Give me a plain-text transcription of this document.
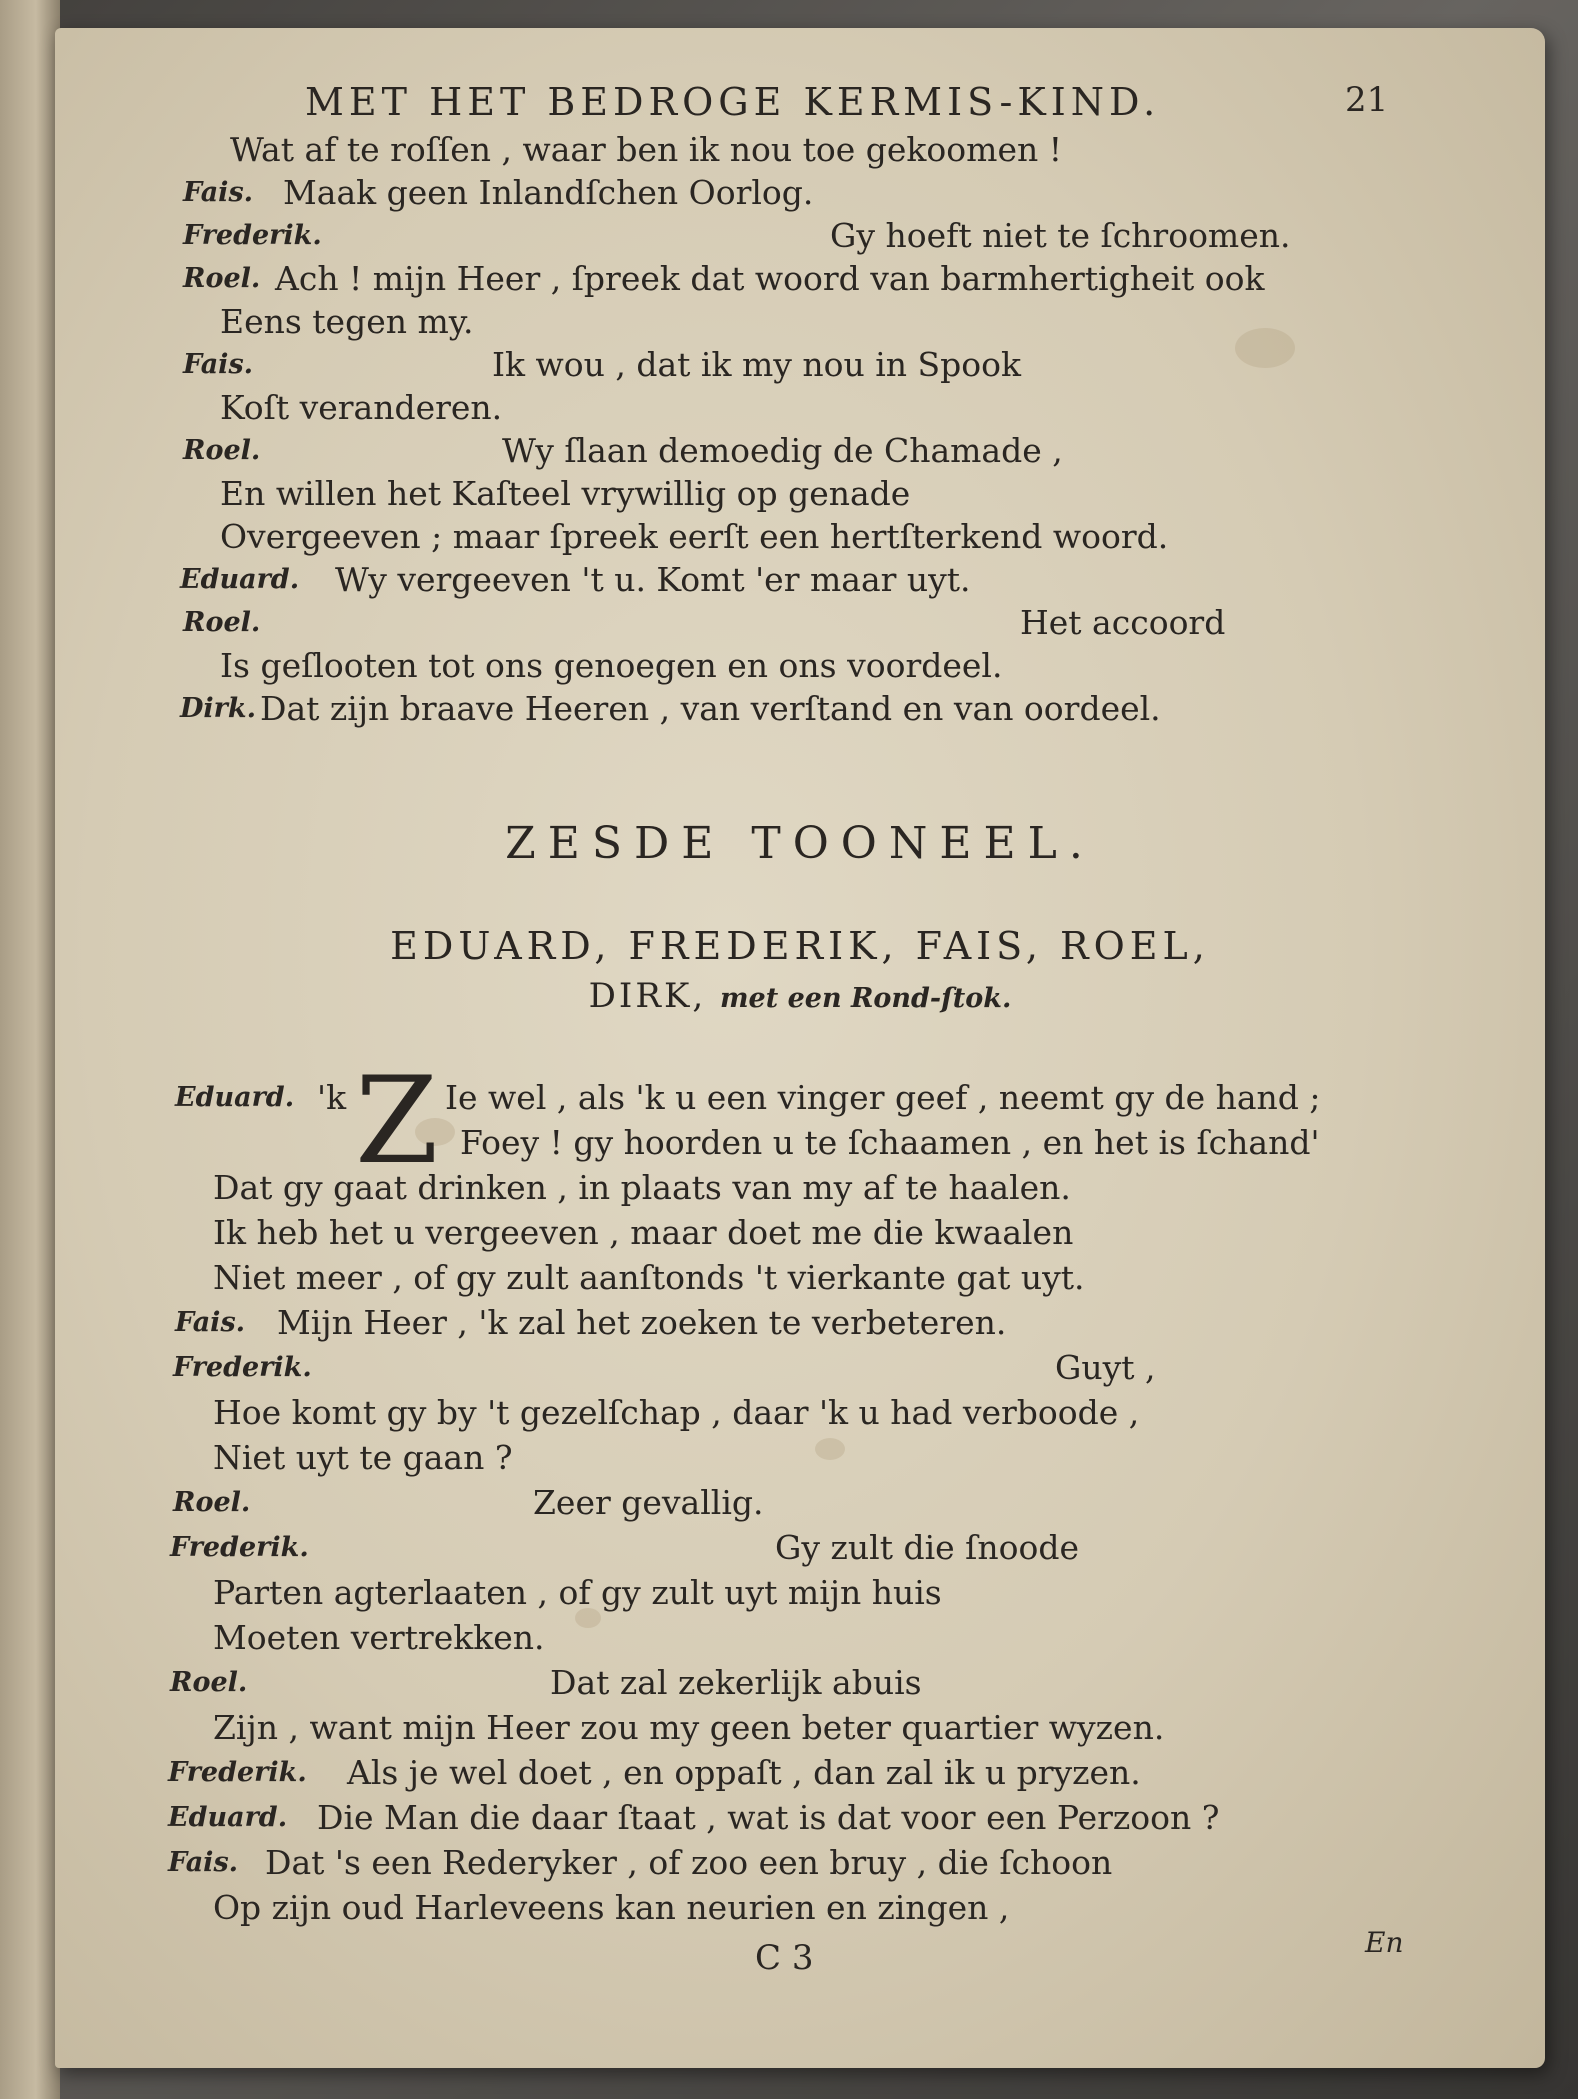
MET HET BEDROGE KERMIS-KIND.	21
Wat af te roſſen , waar ben ik nou toe gekoomen !
Fais. Maak geen Inlandſchen Oorlog.
Frederik.	Gy hoeft niet te ſchroomen.
Roel. Ach ! mijn Heer , ſpreek dat woord van barmhertigheit ook
Eens tegen my.
Fais.	Ik wou , dat ik my nou in Spook
Koſt veranderen.
Roel.	Wy ſlaan demoedig de Chamade ,
En willen het Kaſteel vrywillig op genade
Overgeeven ; maar ſpreek eerſt een hertſterkend woord.
Eduard. Wy vergeeven 't u. Komt 'er maar uyt.
Roel.	Het accoord
Is geſlooten tot ons genoegen en ons voordeel.
Dirk. Dat zijn braave Heeren , van verſtand en van oordeel.
ZESDE TOONEEL.
EDUARD, FREDERIK, FAIS, ROEL,
DIRK, met een Rond-ſtok.
Eduard. 'k	Ie wel , als 'k u een vinger geef , neemt gy de hand ;
Z Foey ! gy hoorden u te ſchaamen , en het is ſchand'
Dat gy gaat drinken , in plaats van my af te haalen.
Ik heb het u vergeeven , maar doet me die kwaalen
Niet meer , of gy zult aanſtonds 't vierkante gat uyt.
Fais. Mijn Heer , 'k zal het zoeken te verbeteren.
Frederik.	Guyt ,
Hoe komt gy by 't gezelſchap , daar 'k u had verboode ,
Niet uyt te gaan ?
Roel.	Zeer gevallig.
Frederik.	Gy zult die ſnoode
Parten agterlaaten , of gy zult uyt mijn huis
Moeten vertrekken.
Roel.	Dat zal zekerlijk abuis
Zijn , want mijn Heer zou my geen beter quartier wyzen.
Frederik. Als je wel doet , en oppaſt , dan zal ik u pryzen.
Eduard. Die Man die daar ſtaat , wat is dat voor een Perzoon ?
Fais. Dat 's een Rederyker , of zoo een bruy , die ſchoon
Op zijn oud Harleveens kan neurien en zingen ,
C 3	En
